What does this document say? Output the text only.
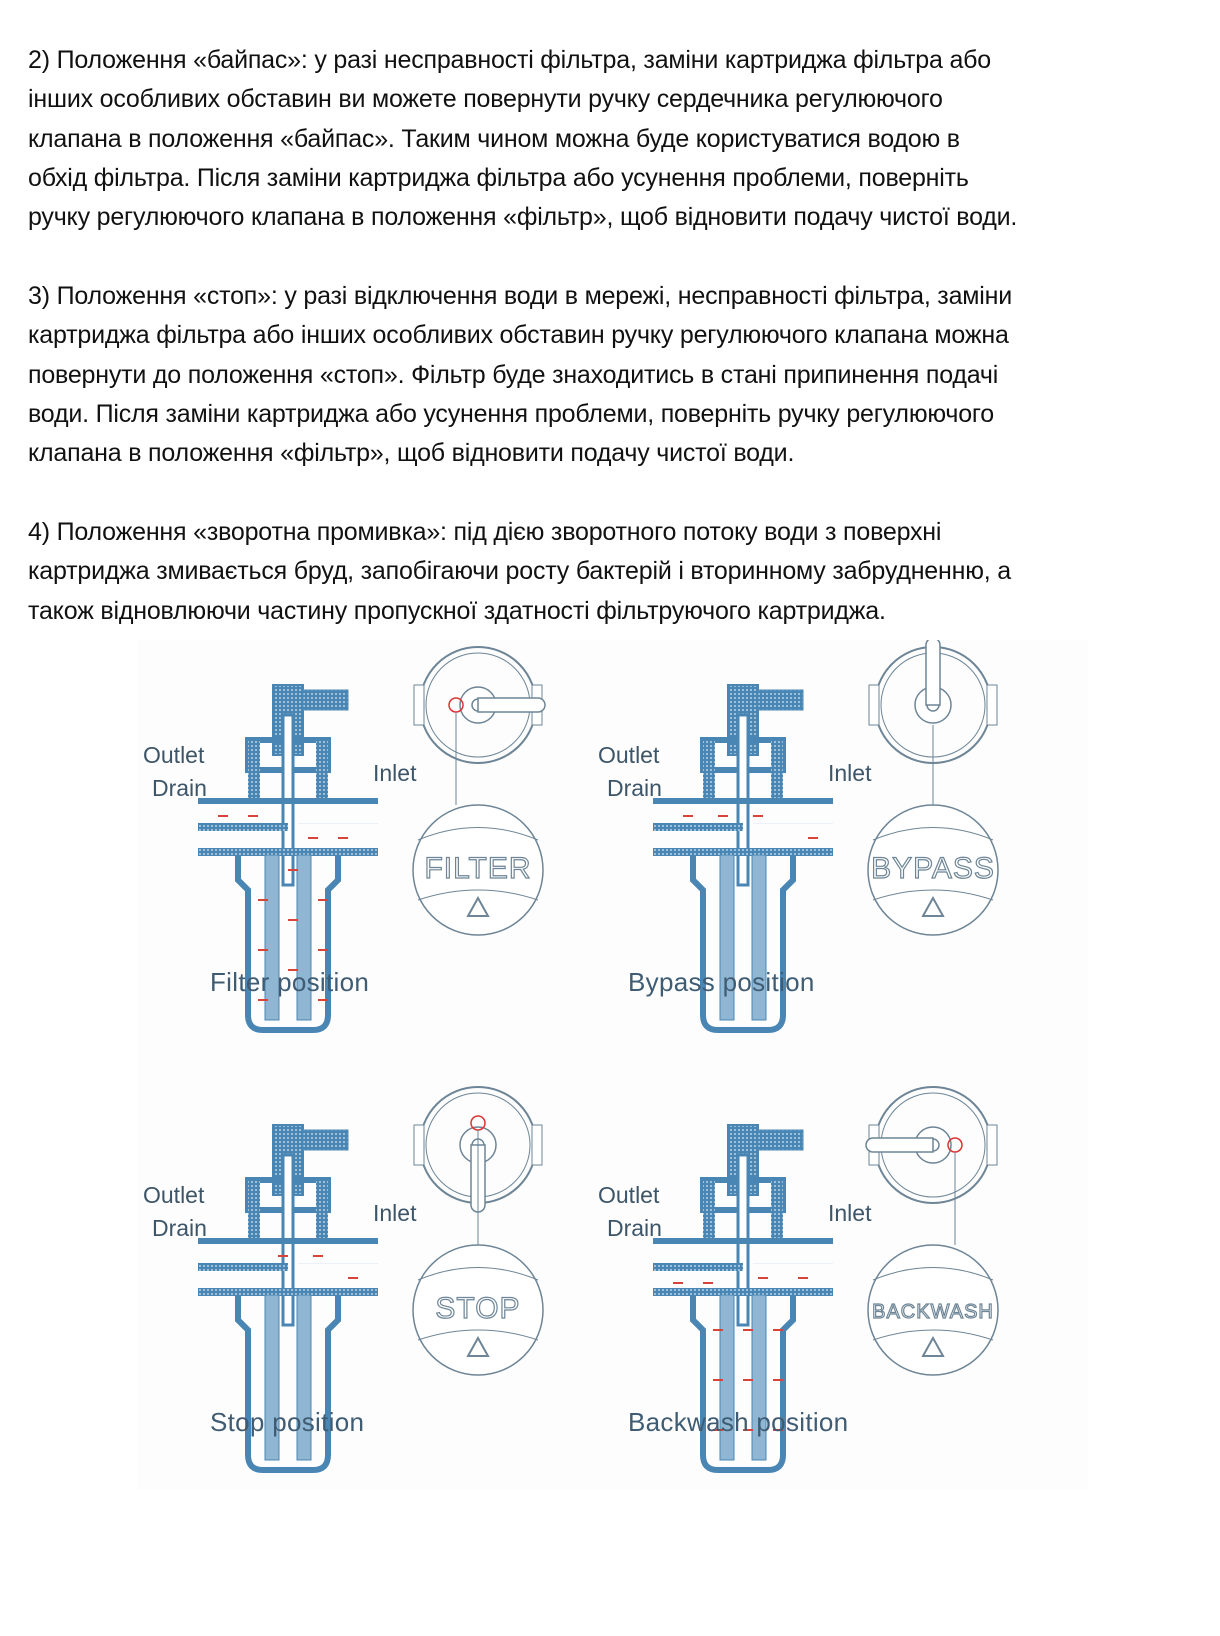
2) Положення «байпас»: у разі несправності фільтра, заміни картриджа фільтра або

інших особливих обставин ви можете повернути ручку сердечника регулюючого

клапана в положення «байпас». Таким чином можна буде користуватися водою в

обхід фільтра. Після заміни картриджа фільтра або усунення проблеми, поверніть

ручку регулюючого клапана в положення «фільтр», щоб відновити подачу чистої води.

3) Положення «стоп»: у разі відключення води в мережі, несправності фільтра, заміни

картриджа фільтра або інших особливих обставин ручку регулюючого клапана можна

повернути до положення «стоп». Фільтр буде знаходитись в стані припинення подачі

води. Після заміни картриджа або усунення проблеми, поверніть ручку регулюючого

клапана в положення «фільтр», щоб відновити подачу чистої води.

4) Положення «зворотна промивка»: під дією зворотного потоку води з поверхні

картриджа змивається бруд, запобігаючи росту бактерій і вторинному забрудненню, а

також відновлюючи частину пропускної здатності фільтруючого картриджа.

FILTER	BYPASS
STOP	BACKWASH
Outlet
Drain
Inlet
Filter position
Outlet
Drain
Inlet
Bypass position
Outlet
Drain
Inlet
Stop position
Outlet
Drain
Inlet
Backwash position
